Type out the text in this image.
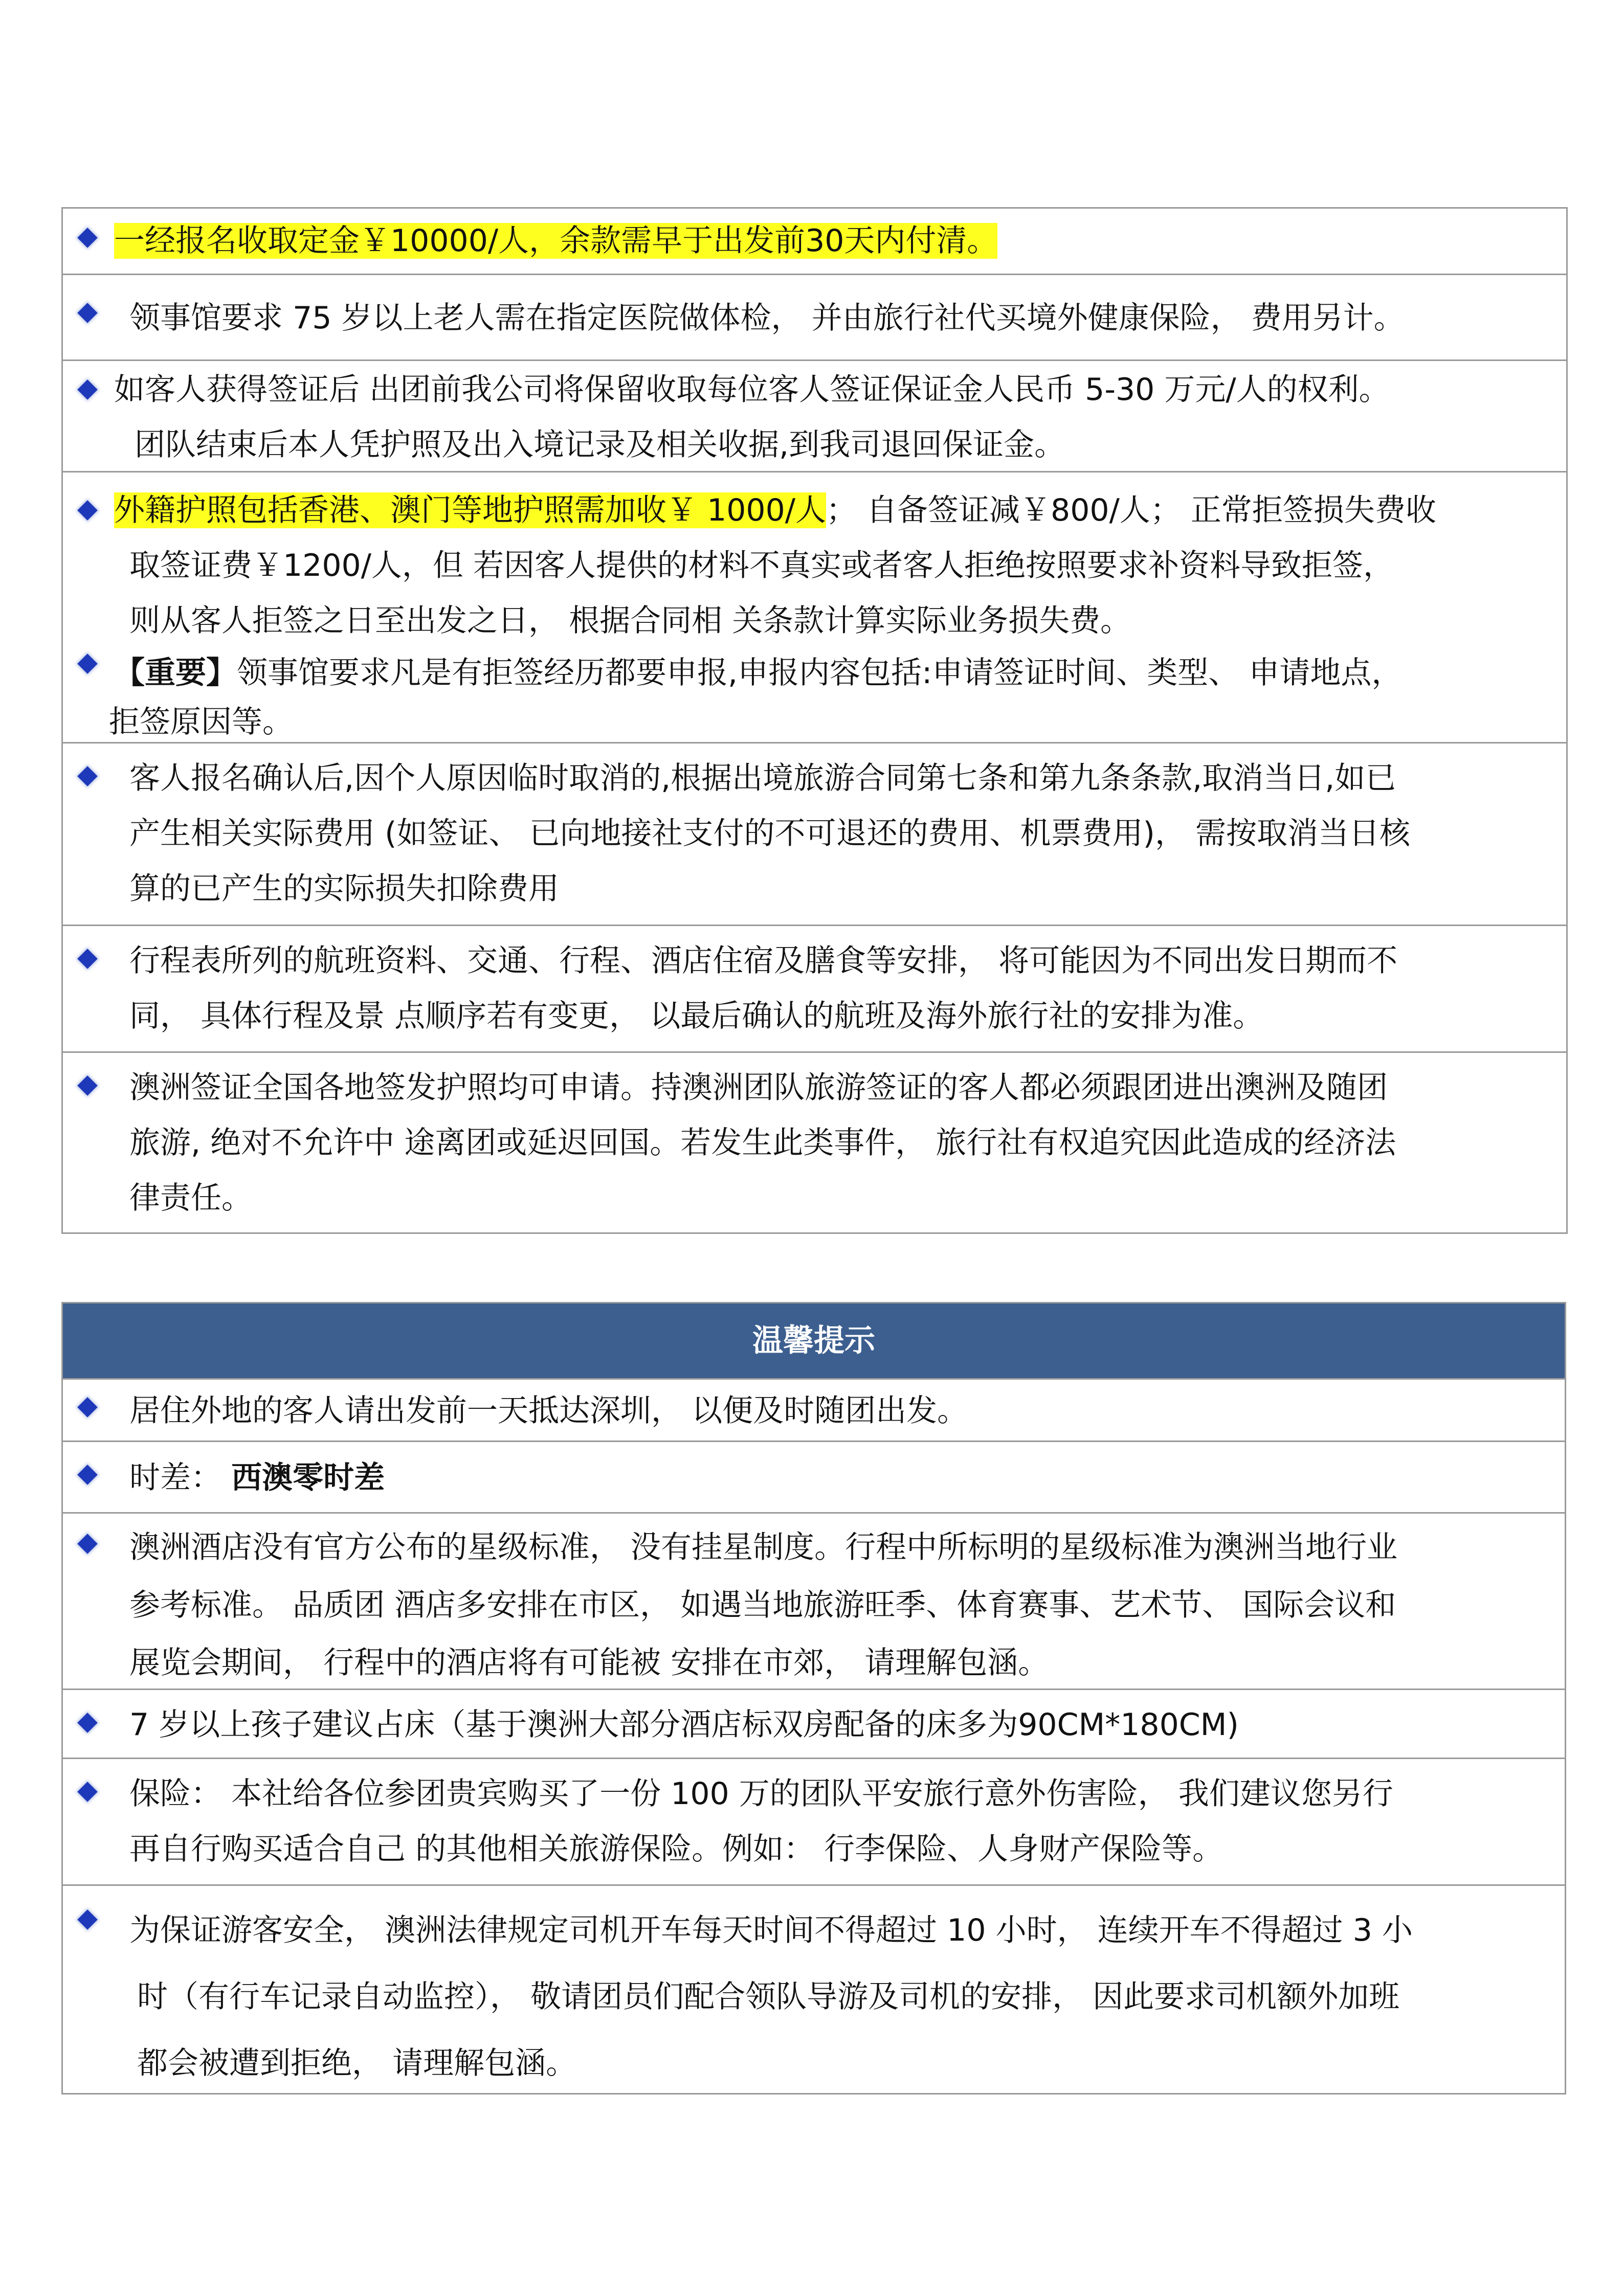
一经报名收取定金￥10000/人，余款需早于出发前30天内付清。
领事馆要求 75 岁以上老人需在指定医院做体检， 并由旅行社代买境外健康保险， 费用另计。
如客人获得签证后 出团前我公司将保留收取每位客人签证保证金人民币 5-30 万元/人的权利。
团队结束后本人凭护照及出入境记录及相关收据,到我司退回保证金。
外籍护照包括香港、澳门等地护照需加收￥ 1000/人； 自备签证减￥800/人； 正常拒签损失费收
取签证费￥1200/人，但 若因客人提供的材料不真实或者客人拒绝按照要求补资料导致拒签，
则从客人拒签之日至出发之日， 根据合同相 关条款计算实际业务损失费。
【重要】领事馆要求凡是有拒签经历都要申报,申报内容包括:申请签证时间、类型、 申请地点，
拒签原因等。
客人报名确认后,因个人原因临时取消的,根据出境旅游合同第七条和第九条条款,取消当日,如已
产生相关实际费用 (如签证、 已向地接社支付的不可退还的费用、机票费用)， 需按取消当日核
算的已产生的实际损失扣除费用
行程表所列的航班资料、交通、行程、酒店住宿及膳食等安排， 将可能因为不同出发日期而不
同， 具体行程及景 点顺序若有变更， 以最后确认的航班及海外旅行社的安排为准。
澳洲签证全国各地签发护照均可申请。持澳洲团队旅游签证的客人都必须跟团进出澳洲及随团
旅游, 绝对不允许中 途离团或延迟回国。若发生此类事件， 旅行社有权追究因此造成的经济法
律责任。
温馨提示
居住外地的客人请出发前一天抵达深圳， 以便及时随团出发。
时差： 西澳零时差
澳洲酒店没有官方公布的星级标准， 没有挂星制度。行程中所标明的星级标准为澳洲当地行业
参考标准。 品质团 酒店多安排在市区， 如遇当地旅游旺季、体育赛事、艺术节、 国际会议和
展览会期间， 行程中的酒店将有可能被 安排在市郊， 请理解包涵。
7 岁以上孩子建议占床（基于澳洲大部分酒店标双房配备的床多为90CM*180CM)
保险： 本社给各位参团贵宾购买了一份 100 万的团队平安旅行意外伤害险， 我们建议您另行
再自行购买适合自己 的其他相关旅游保险。例如： 行李保险、人身财产保险等。
为保证游客安全， 澳洲法律规定司机开车每天时间不得超过 10 小时， 连续开车不得超过 3 小
时（有行车记录自动监控）， 敬请团员们配合领队导游及司机的安排， 因此要求司机额外加班
都会被遭到拒绝， 请理解包涵。
